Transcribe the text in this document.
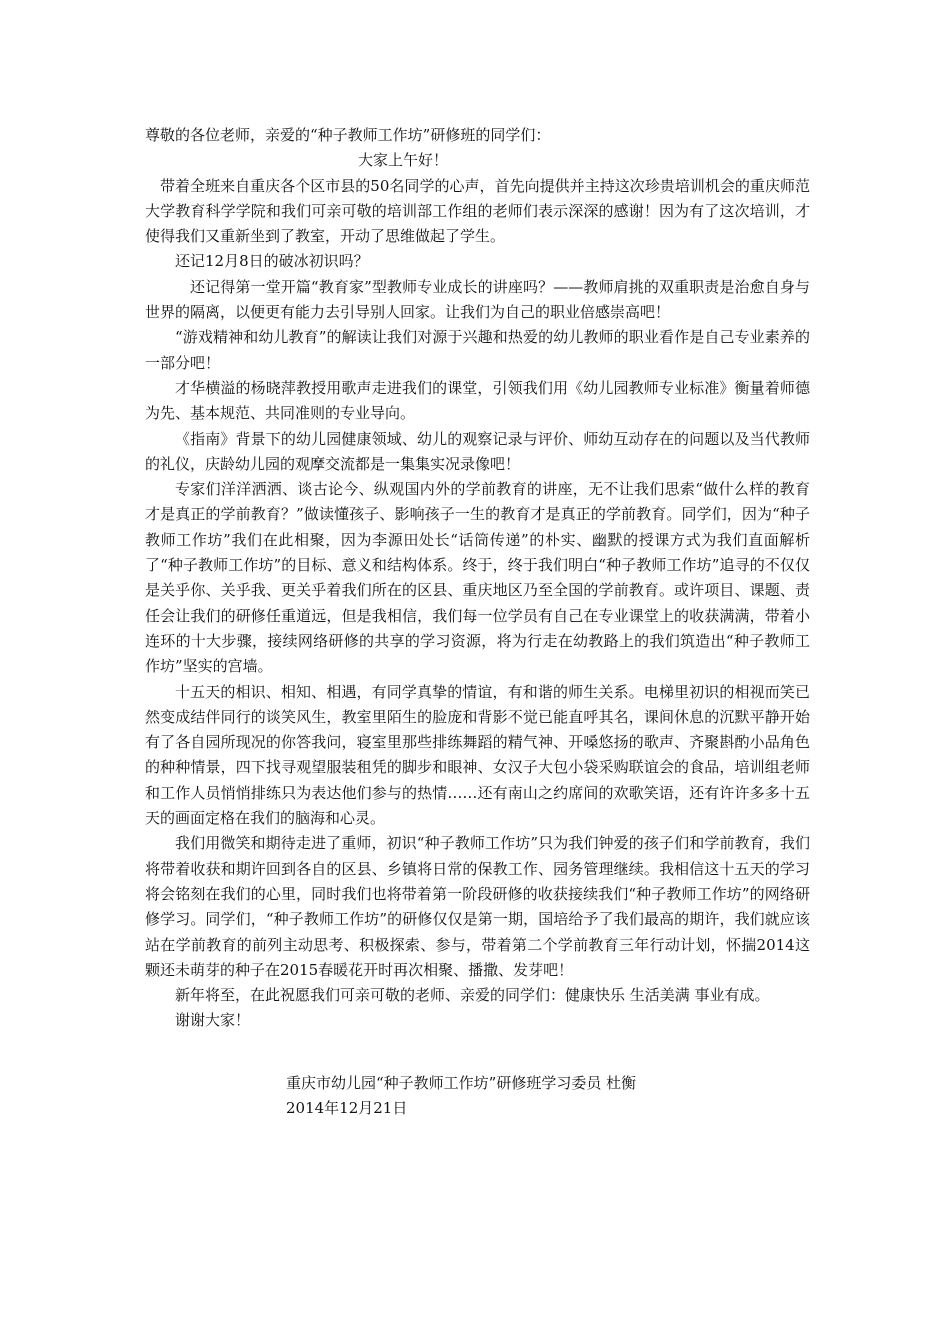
尊敬的各位老师，亲爱的“种子教师工作坊”研修班的同学们：

大家上午好！

带着全班来自重庆各个区市县的50名同学的心声，首先向提供并主持这次珍贵培训机会的重庆师范大学教育科学学院和我们可亲可敬的培训部工作组的老师们表示深深的感谢！因为有了这次培训，才使得我们又重新坐到了教室，开动了思维做起了学生。

还记12月8日的破冰初识吗？

还记得第一堂开篇“教育家”型教师专业成长的讲座吗？——教师肩挑的双重职责是治愈自身与世界的隔离，以便更有能力去引导别人回家。让我们为自己的职业倍感崇高吧！

“游戏精神和幼儿教育”的解读让我们对源于兴趣和热爱的幼儿教师的职业看作是自己专业素养的一部分吧！

才华横溢的杨晓萍教授用歌声走进我们的课堂，引领我们用《幼儿园教师专业标准》衡量着师德为先、基本规范、共同准则的专业导向。

《指南》背景下的幼儿园健康领域、幼儿的观察记录与评价、师幼互动存在的问题以及当代教师的礼仪，庆龄幼儿园的观摩交流都是一集集实况录像吧！

专家们洋洋洒洒、谈古论今、纵观国内外的学前教育的讲座，无不让我们思索“做什么样的教育才是真正的学前教育？”做读懂孩子、影响孩子一生的教育才是真正的学前教育。同学们，因为“种子教师工作坊”我们在此相聚，因为李源田处长“话筒传递”的朴实、幽默的授课方式为我们直面解析了“种子教师工作坊”的目标、意义和结构体系。终于，终于我们明白“种子教师工作坊”追寻的不仅仅是关乎你、关乎我、更关乎着我们所在的区县、重庆地区乃至全国的学前教育。或许项目、课题、责任会让我们的研修任重道远，但是我相信，我们每一位学员有自己在专业课堂上的收获满满，带着小连环的十大步骤，接续网络研修的共享的学习资源，将为行走在幼教路上的我们筑造出“种子教师工作坊”坚实的宫墙。

十五天的相识、相知、相遇，有同学真挚的情谊，有和谐的师生关系。电梯里初识的相视而笑已然变成结伴同行的谈笑风生，教室里陌生的脸庞和背影不觉已能直呼其名，课间休息的沉默平静开始有了各自园所现况的你答我问，寝室里那些排练舞蹈的精气神、开嗓悠扬的歌声、齐聚斟酌小品角色的种种情景，四下找寻观望服装租凭的脚步和眼神、女汉子大包小袋采购联谊会的食品，培训组老师和工作人员悄悄排练只为表达他们参与的热情……还有南山之约席间的欢歌笑语，还有许许多多十五天的画面定格在我们的脑海和心灵。

我们用微笑和期待走进了重师，初识“种子教师工作坊”只为我们钟爱的孩子们和学前教育，我们将带着收获和期许回到各自的区县、乡镇将日常的保教工作、园务管理继续。我相信这十五天的学习将会铭刻在我们的心里，同时我们也将带着第一阶段研修的收获接续我们“种子教师工作坊”的网络研修学习。同学们，“种子教师工作坊”的研修仅仅是第一期，国培给予了我们最高的期许，我们就应该站在学前教育的前列主动思考、积极探索、参与，带着第二个学前教育三年行动计划，怀揣2014这颗还未萌芽的种子在2015春暖花开时再次相聚、播撒、发芽吧！

新年将至，在此祝愿我们可亲可敬的老师、亲爱的同学们：健康快乐 生活美满 事业有成。

谢谢大家！

重庆市幼儿园“种子教师工作坊”研修班学习委员 杜衡
2014年12月21日
